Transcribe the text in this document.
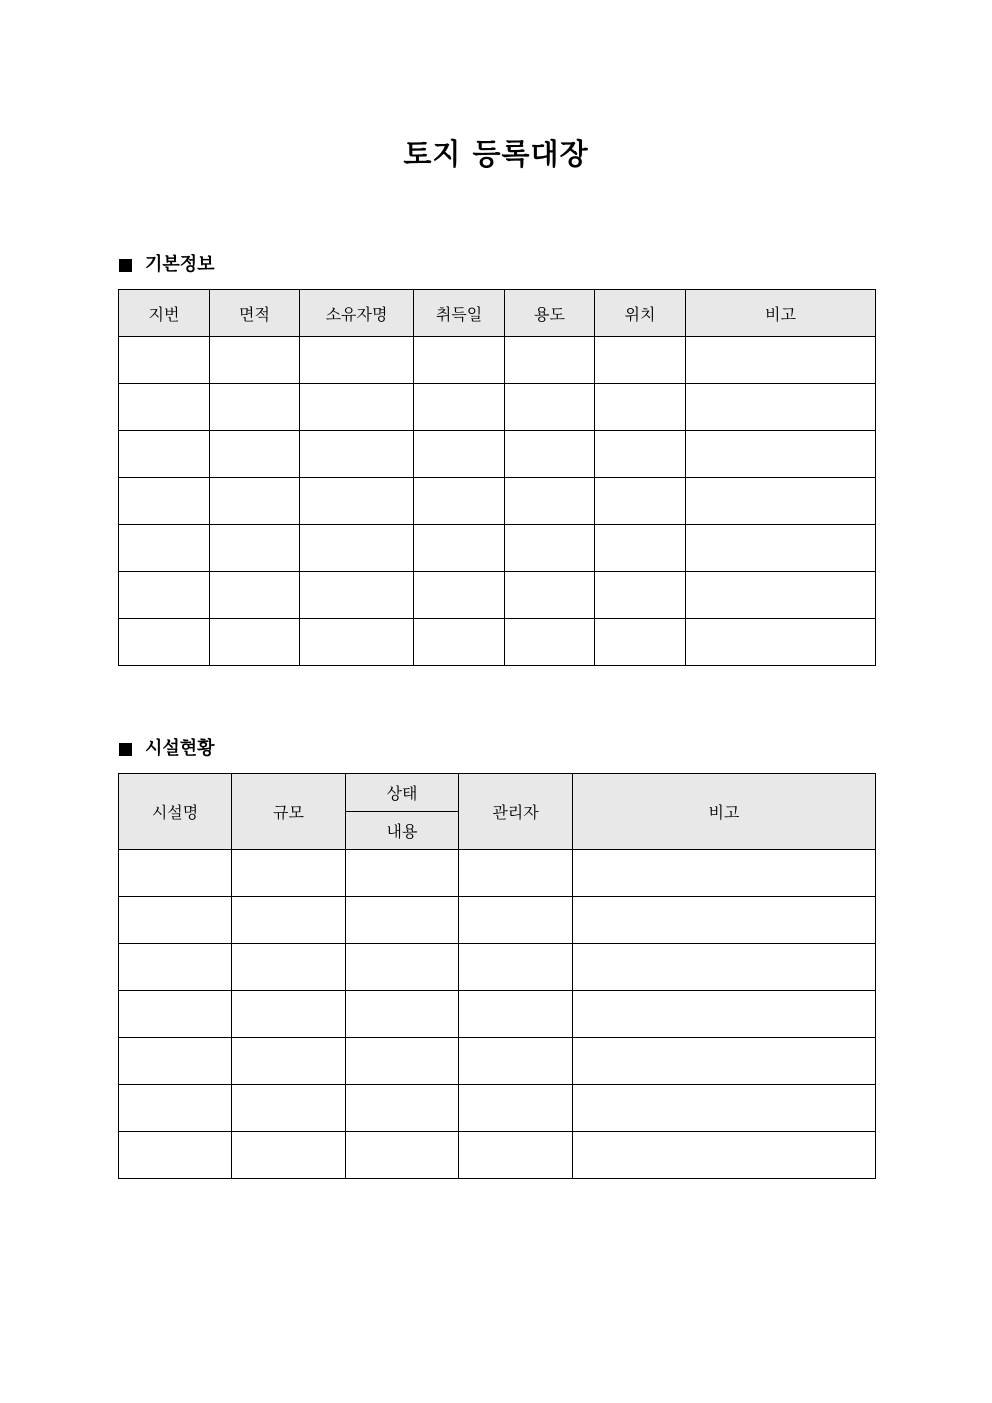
토지 등록대장
기본정보
지번	면적	소유자명	취득일	용도	위치	비고

시설현황
시설명	규모	상태	관리자	비고
		내용		
